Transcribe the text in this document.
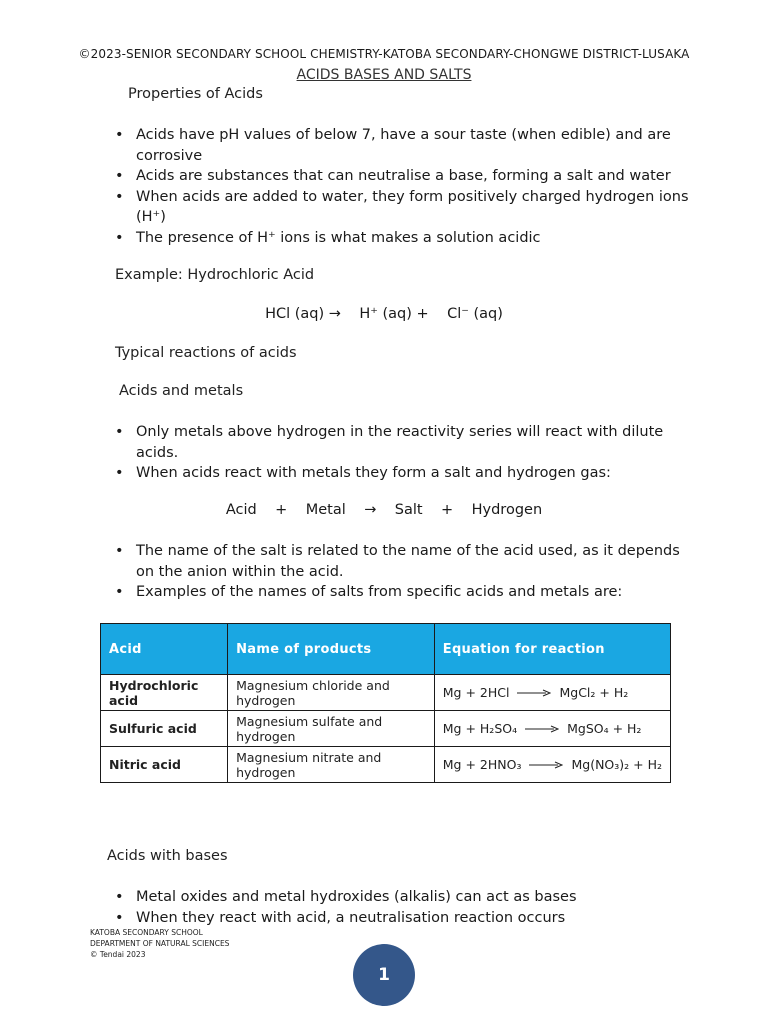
©2023-SENIOR SECONDARY SCHOOL CHEMISTRY-KATOBA SECONDARY-CHONGWE DISTRICT-LUSAKA
ACIDS BASES AND SALTS
Properties of Acids
• Acids have pH values of below 7, have a sour taste (when edible) and are corrosive
• Acids are substances that can neutralise a base, forming a salt and water
• When acids are added to water, they form positively charged hydrogen ions (H⁺)
• The presence of H⁺ ions is what makes a solution acidic
Example: Hydrochloric Acid
HCl (aq) →    H⁺ (aq) +    Cl⁻ (aq)
Typical reactions of acids
Acids and metals
• Only metals above hydrogen in the reactivity series will react with dilute acids.
• When acids react with metals they form a salt and hydrogen gas:
Acid    +    Metal    →    Salt    +    Hydrogen
• The name of the salt is related to the name of the acid used, as it depends on the anion within the acid.
• Examples of the names of salts from specific acids and metals are:
Acid	Name of products	Equation for reaction
Hydrochloric acid	Magnesium chloride and hydrogen	Mg + 2HCl MgCl₂ + H₂
Sulfuric acid	Magnesium sulfate and hydrogen	Mg + H₂SO₄ MgSO₄ + H₂
Nitric acid	Magnesium nitrate and hydrogen	Mg + 2HNO₃ Mg(NO₃)₂ + H₂
Acids with bases
• Metal oxides and metal hydroxides (alkalis) can act as bases
• When they react with acid, a neutralisation reaction occurs
KATOBA SECONDARY SCHOOL
DEPARTMENT OF NATURAL SCIENCES
© Tendai 2023
1
